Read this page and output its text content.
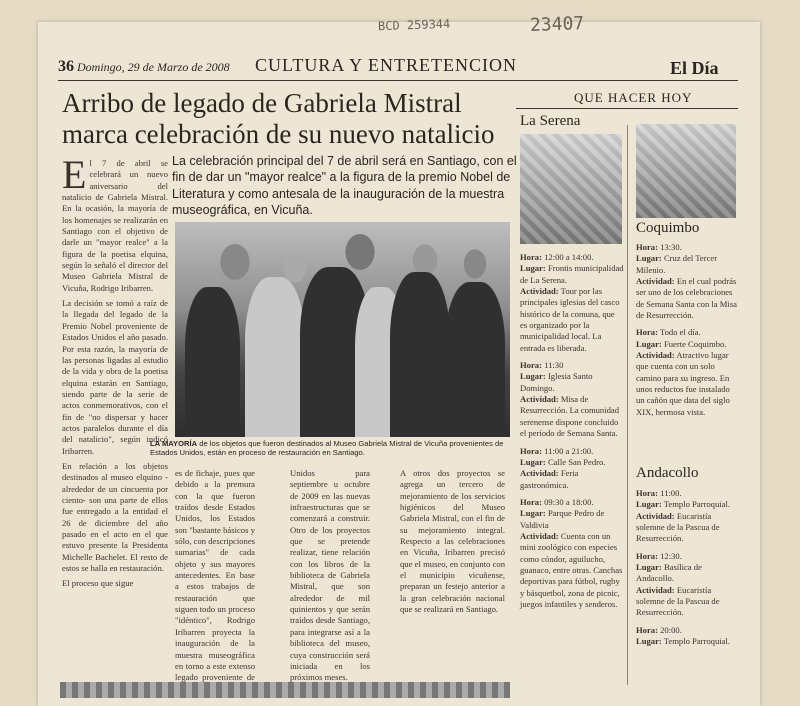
BCD 259344	23407
36 Domingo, 29 de Marzo de 2008 CULTURA Y ENTRETENCION	El Día
Arribo de legado de Gabriela Mistral
marca celebración de su nuevo natalicio
La celebración principal del 7 de abril será en Santiago, con el fin de dar un "mayor realce" a la figura de la premio Nobel de Literatura y como antesala de la inauguración de la muestra museográfica, en Vicuña.

El 7 de abril se celebrará un nuevo aniversario del natalicio de Gabriela Mistral. En la ocasión, la mayoría de los homenajes se realizarán en Santiago con el objetivo de darle un "mayor realce" a la figura de la poetisa elquina, según lo señaló el director del Museo Gabriela Mistral de Vicuña, Rodrigo Iribarren.

La decisión se tomó a raíz de la llegada del legado de la Premio Nobel proveniente de Estados Unidos el año pasado. Por esta razón, la mayoría de las personas ligadas al estudio de la vida y obra de la poetisa elquina estarán en Santiago, siendo parte de la serie de actos conmemorativos, con el fin de "no dispersar y hacer actos paralelos durante el día del natalicio", según indicó Iribarren.

En relación a los objetos destinados al museo elquino -alrededor de un cincuenta por ciento- son una parte de ellos fue entregado a la entidad el 26 de diciembre del año pasado en el acto en el que estuvo presente la Presidenta Michelle Bachelet. El resto de estos se halla en restauración.

El proceso que sigue

LA MAYORÍA de los objetos que fueron destinados al Museo Gabriela Mistral de Vicuña provenientes de Estados Unidos, están en proceso de restauración en Santiago.
es de fichaje, pues que debido a la premura con la que fueron traídos desde Estados Unidos, los Estados son "bastante básicos y sólo, con descripciones sumarias" de cada objeto y sus mayores antecedentes. En base a estos trabajos de restauración que siguen todo un proceso "idéntico", Rodrigo Iribarren proyecta la inauguración de la muestra museográfica en torno a este extenso legado proveniente de
Unidos para septiembre u octubre de 2009 en las nuevas infraestructuras que se comenzará a construir. Otro de los proyectos que se pretende realizar, tiene relación con los libros de la biblioteca de Gabriela Mistral, que son alrededor de mil quinientos y que serán traídos desde Santiago, para integrarse así a la biblioteca del museo, cuya construcción será iniciada en los próximos meses.
A otros dos proyectos se agrega un tercero de mejoramiento de los servicios higiénicos del Museo Gabriela Mistral, con el fin de su mejoramiento integral. Respecto a las celebraciones en Vicuña, Iribarren precisó que el museo, en conjunto con el municipio vicuñense, preparan un festejo anterior a la gran celebración nacional que se realizará en Santiago.
QUE HACER HOY
La Serena

Hora: 12:00 a 14:00.
Lugar: Frontis municipalidad de La Serena.
Actividad: Tour por las principales iglesias del casco histórico de la comuna, que es organizado por la municipalidad local. La entrada es liberada.

Hora: 11:30
Lugar: Iglesia Santo Domingo.
Actividad: Misa de Resurrección. La comunidad serenense dispone concluido el período de Semana Santa.

Hora: 11:00 a 21:00.
Lugar: Calle San Pedro.
Actividad: Feria gastronómica.

Hora: 09:30 a 18:00.
Lugar: Parque Pedro de Valdivia
Actividad: Cuenta con un mini zoológico con especies como cóndor, aguilucho, guanaco, entre otras. Canchas deportivas para fútbol, rugby y básquetbol, zona de picnic, juegos infantiles y senderos.

Coquimbo

Hora: 13:30.
Lugar: Cruz del Tercer Milenio.
Actividad: En el cual podrás ser uno de los celebraciones de Semana Santa con la Misa de Resurrección.

Hora: Todo el día.
Lugar: Fuerte Coquimbo.
Actividad: Atractivo lugar que cuenta con un solo camino para su ingreso. En unos reductos fue instalado un cañón que data del siglo XIX, hermosa vista.

Andacollo

Hora: 11:00.
Lugar: Templo Parroquial.
Actividad: Eucaristía solemne de la Pascua de Resurrección.

Hora: 12:30.
Lugar: Basílica de Andacollo.
Actividad: Eucaristía solemne de la Pascua de Resurrección.

Hora: 20:00.
Lugar: Templo Parroquial.
